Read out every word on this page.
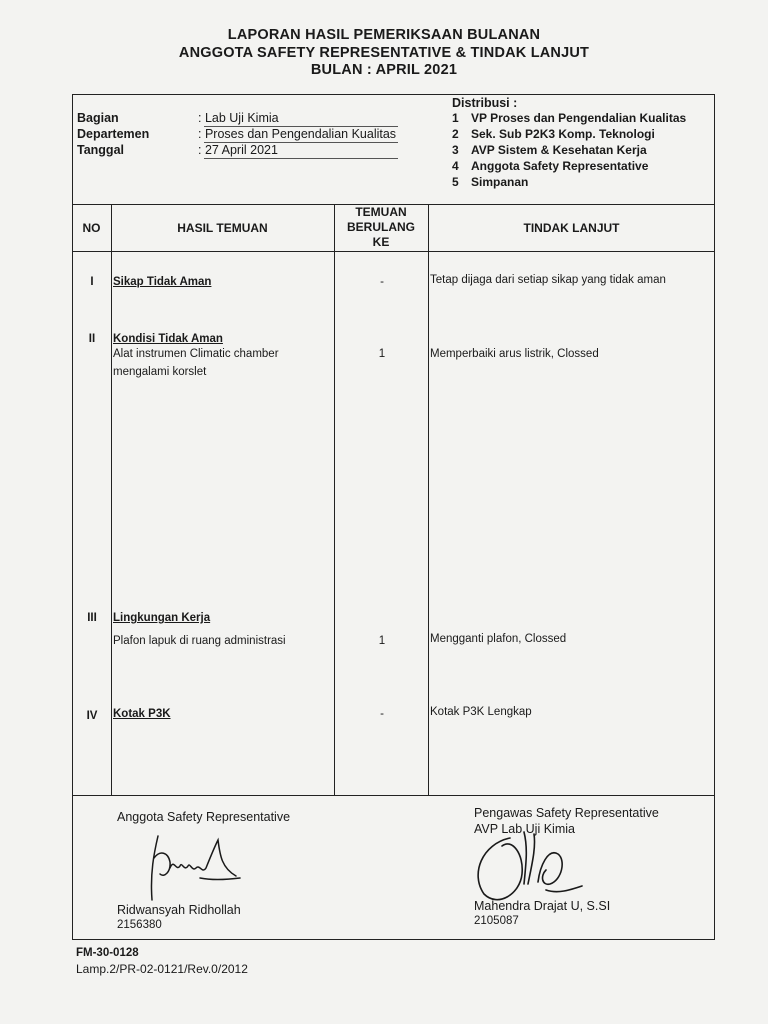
LAPORAN HASIL PEMERIKSAAN BULANAN
ANGGOTA SAFETY REPRESENTATIVE & TINDAK LANJUT
BULAN : APRIL 2021
Bagian	: Lab Uji Kimia
Departemen	: Proses dan Pengendalian Kualitas
Tanggal	: 27 April 2021
Distribusi :
1 VP Proses dan Pengendalian Kualitas
2 Sek. Sub P2K3 Komp. Teknologi
3 AVP Sistem & Kesehatan Kerja
4 Anggota Safety Representative
5 Simpanan
NO	HASIL TEMUAN
TEMUAN
BERULANG
KE
TINDAK LANJUT
I	Sikap Tidak Aman	-	Tetap dijaga dari setiap sikap yang tidak aman
II	Kondisi Tidak Aman
Alat instrumen Climatic chamber
mengalami korslet
1	Memperbaiki arus listrik, Clossed
III	Lingkungan Kerja
Plafon lapuk di ruang administrasi	1	Mengganti plafon, Clossed
IV	Kotak P3K	-	Kotak P3K Lengkap
Anggota Safety Representative
Ridwansyah Ridhollah
2156380
Pengawas Safety Representative
AVP Lab Uji Kimia
Mahendra Drajat U, S.SI
2105087
FM-30-0128
Lamp.2/PR-02-0121/Rev.0/2012
